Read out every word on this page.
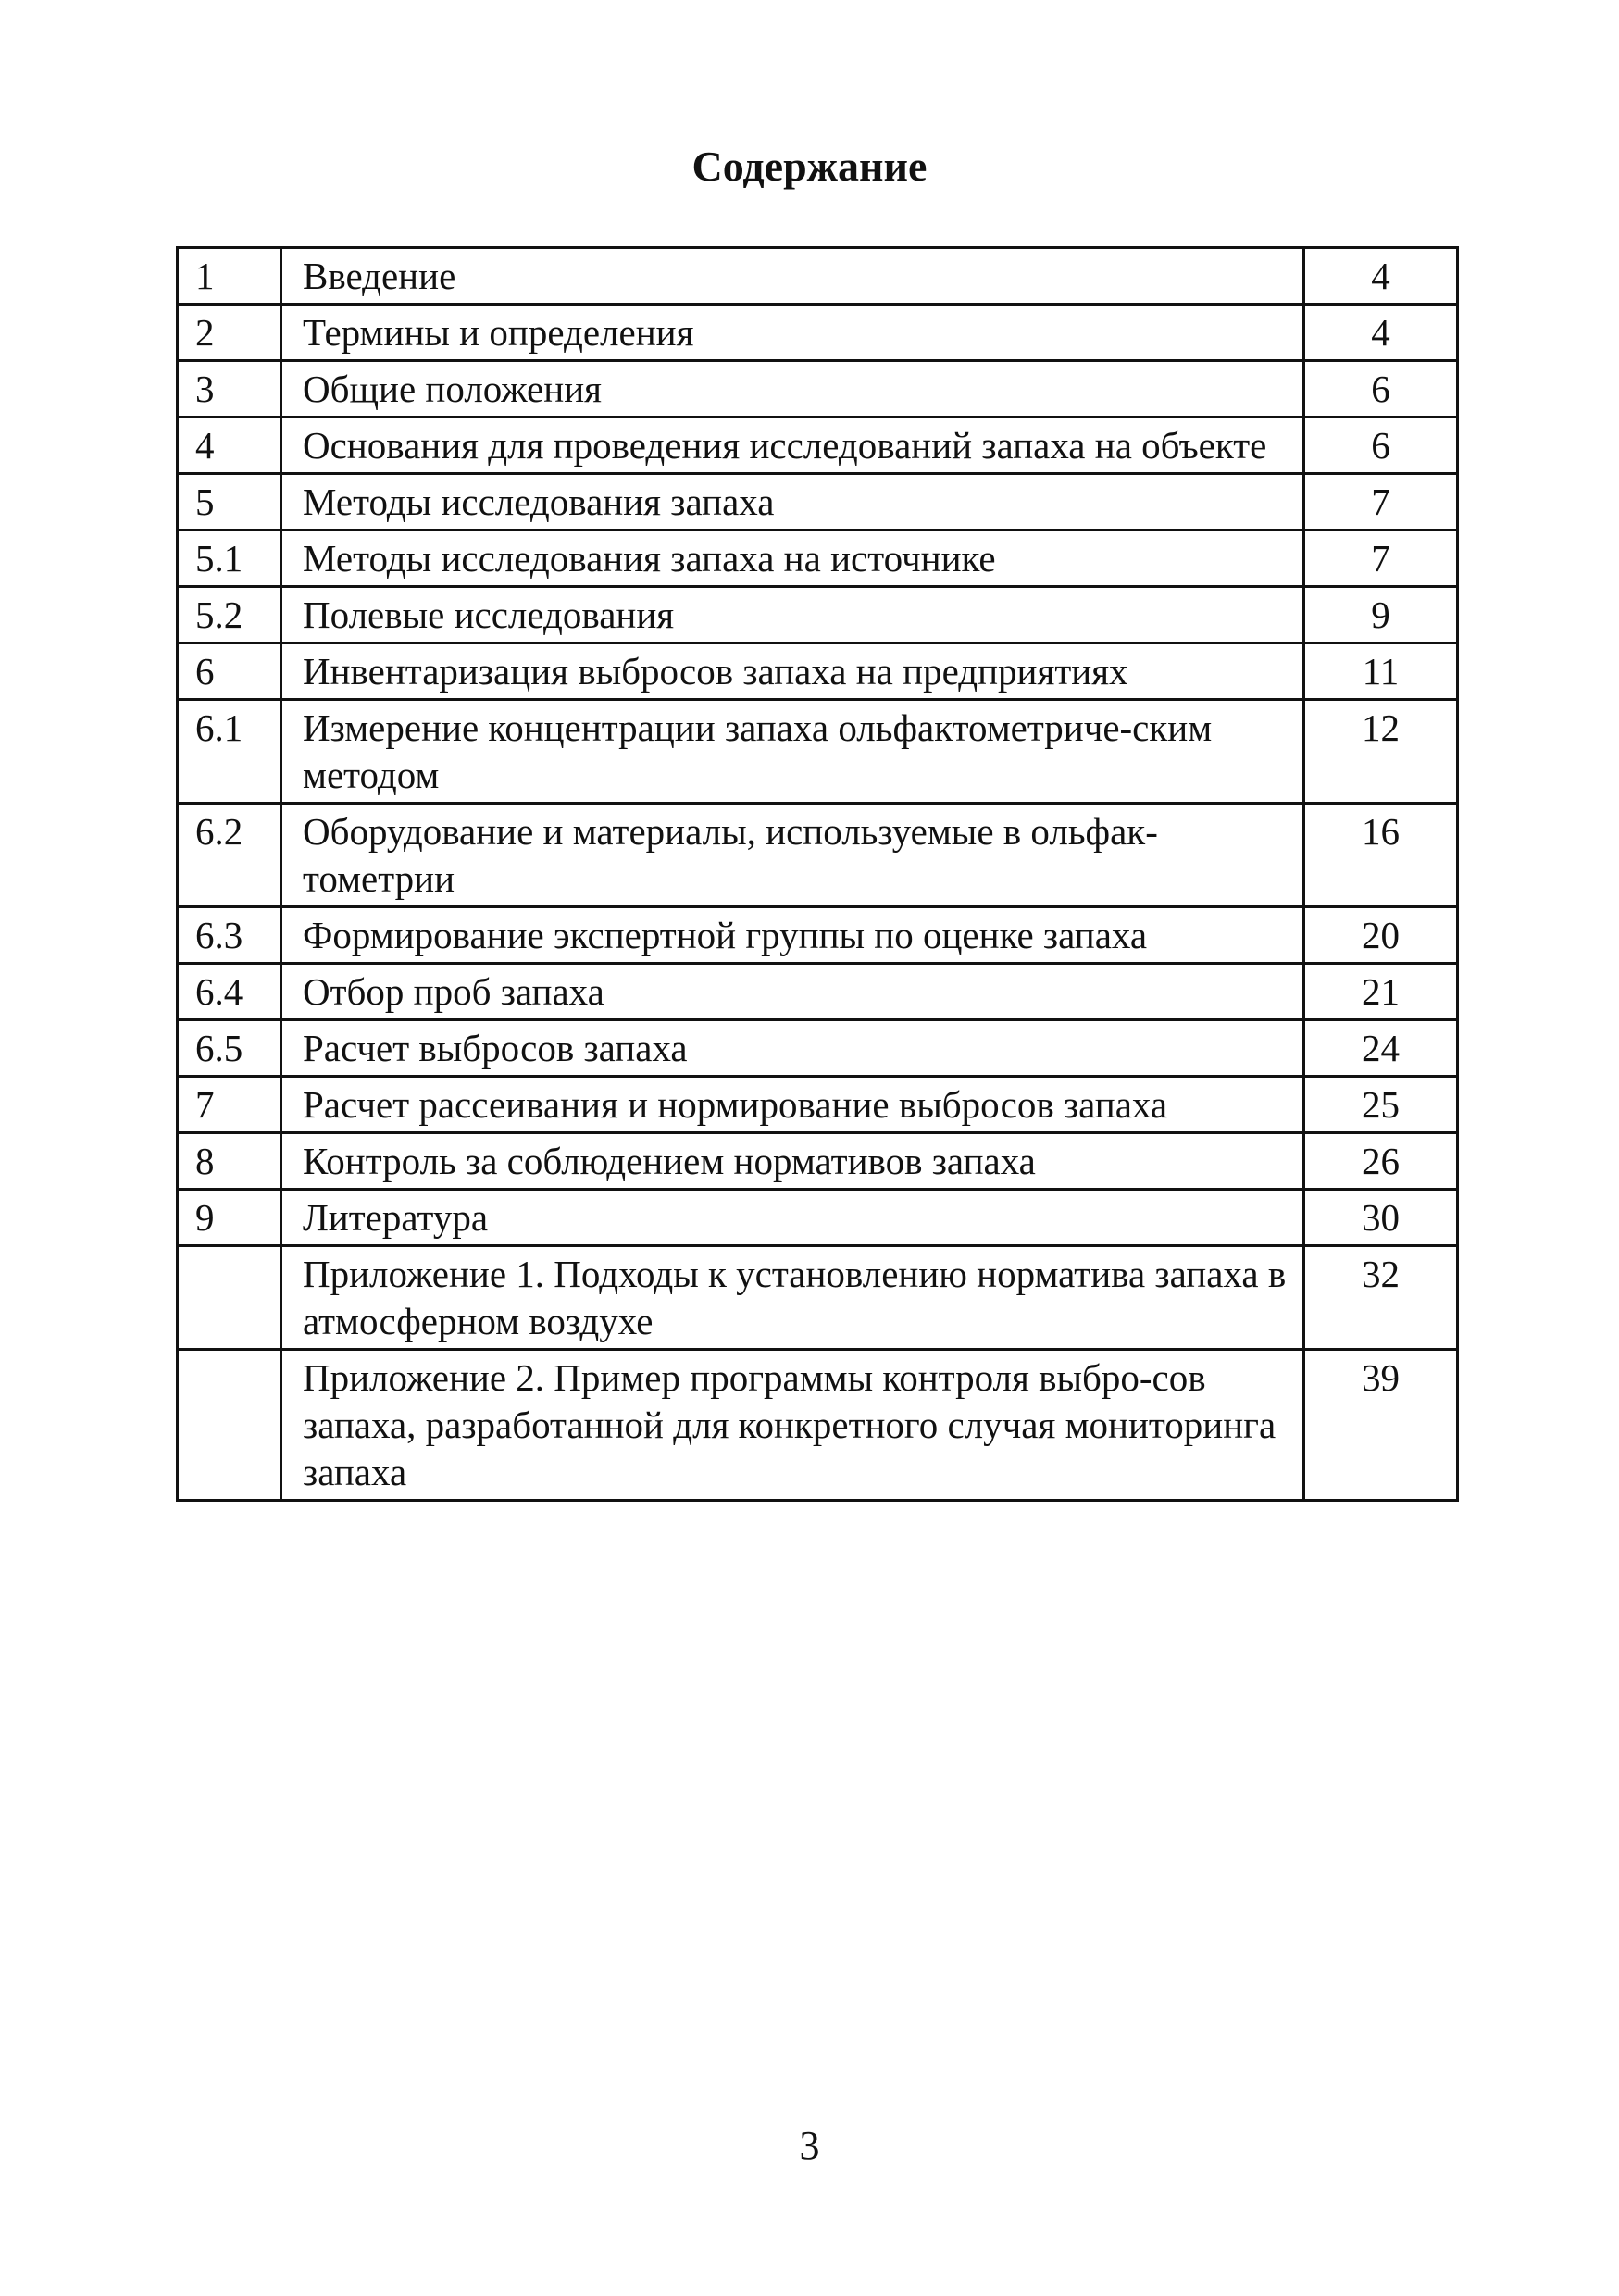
Содержание
1	Введение	4
2	Термины и определения	4
3	Общие положения	6
4	Основания для проведения исследований запаха на объекте	6
5	Методы исследования запаха	7
5.1	Методы исследования запаха на источнике	7
5.2	Полевые исследования	9
6	Инвентаризация выбросов запаха на предприятиях	11
6.1	Измерение концентрации запаха ольфактометриче-ским методом	12
6.2	Оборудование и материалы, используемые в ольфак-тометрии	16
6.3	Формирование экспертной группы по оценке запаха	20
6.4	Отбор проб запаха	21
6.5	Расчет выбросов запаха	24
7	Расчет рассеивания и нормирование выбросов запаха	25
8	Контроль за соблюдением нормативов запаха	26
9	Литература	30
	Приложение 1. Подходы к установлению норматива запаха в атмосферном воздухе	32
	Приложение 2. Пример программы контроля выбро-сов запаха, разработанной для конкретного случая мониторинга запаха	39
3
